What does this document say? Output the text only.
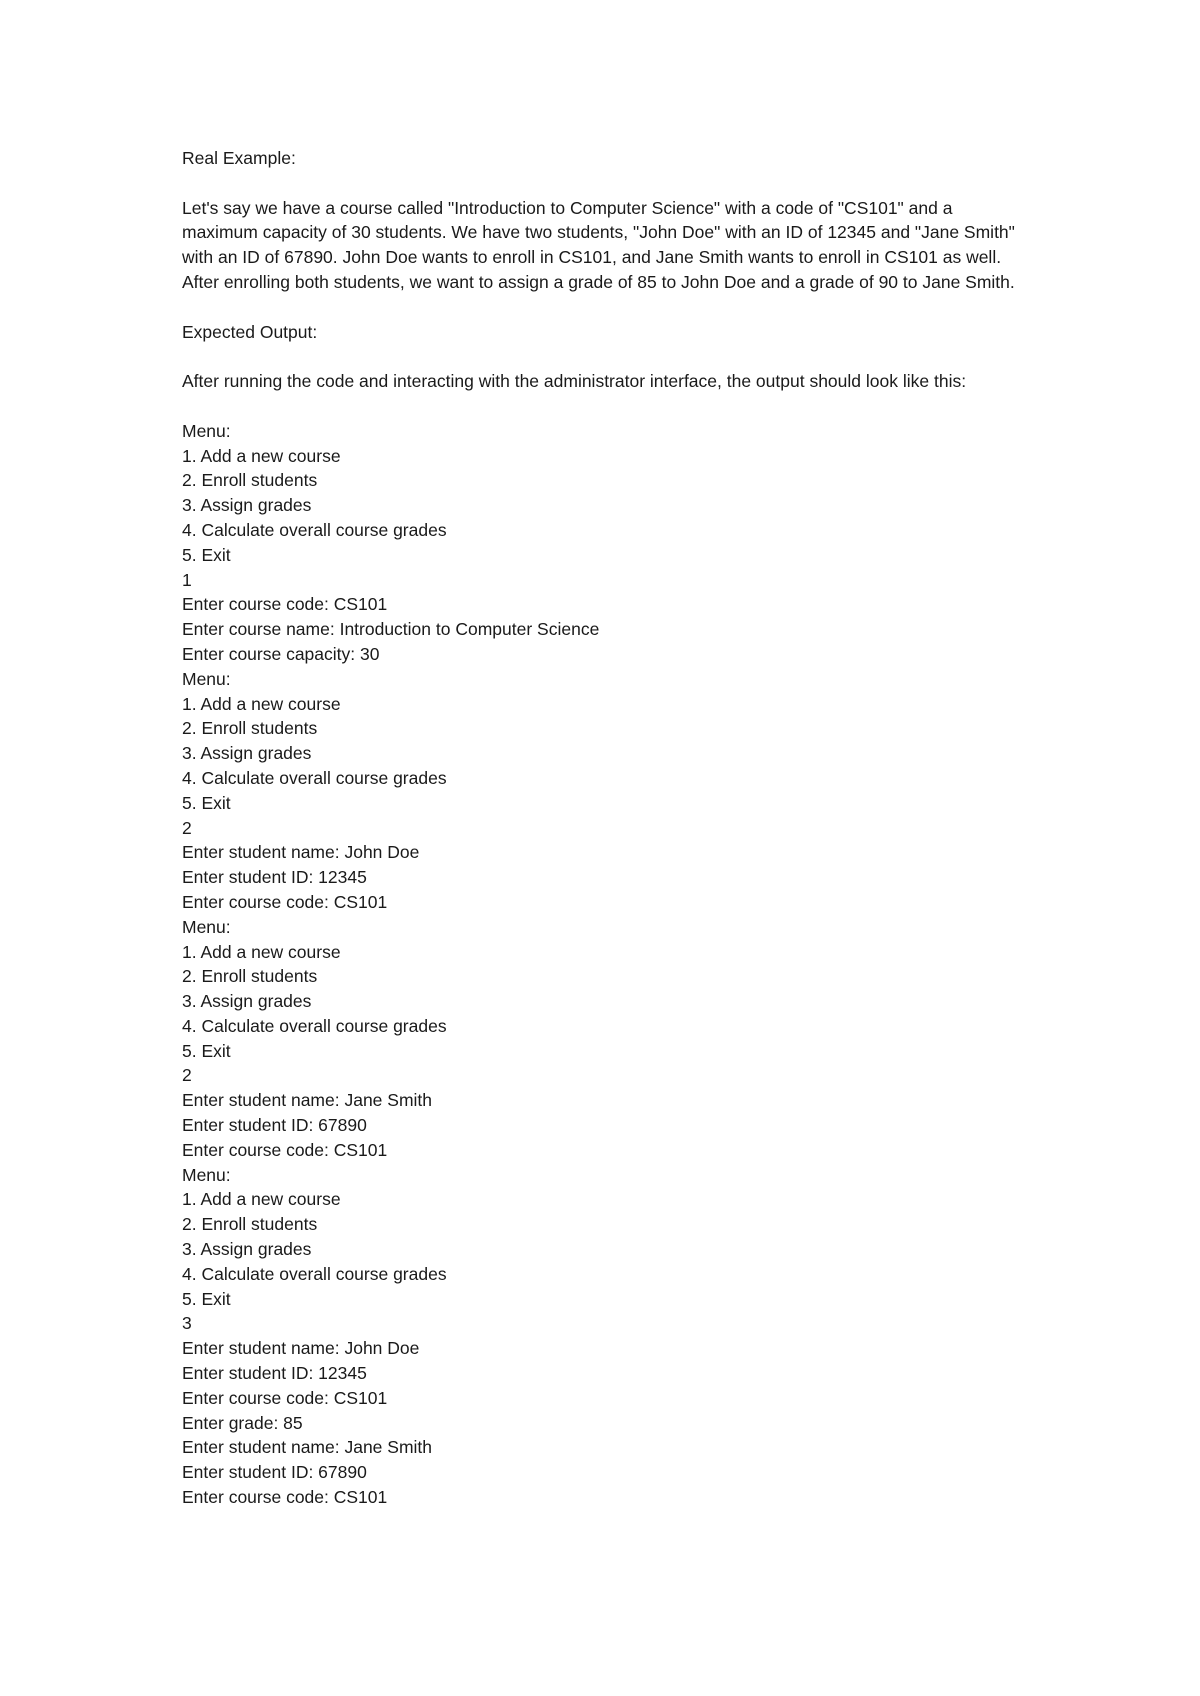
Real Example:

Let's say we have a course called "Introduction to Computer Science" with a code of "CS101" and a maximum capacity of 30 students. We have two students, "John Doe" with an ID of 12345 and "Jane Smith" with an ID of 67890. John Doe wants to enroll in CS101, and Jane Smith wants to enroll in CS101 as well. After enrolling both students, we want to assign a grade of 85 to John Doe and a grade of 90 to Jane Smith.

Expected Output:

After running the code and interacting with the administrator interface, the output should look like this:

Menu:
1. Add a new course
2. Enroll students
3. Assign grades
4. Calculate overall course grades
5. Exit
1
Enter course code: CS101
Enter course name: Introduction to Computer Science
Enter course capacity: 30
Menu:
1. Add a new course
2. Enroll students
3. Assign grades
4. Calculate overall course grades
5. Exit
2
Enter student name: John Doe
Enter student ID: 12345
Enter course code: CS101
Menu:
1. Add a new course
2. Enroll students
3. Assign grades
4. Calculate overall course grades
5. Exit
2
Enter student name: Jane Smith
Enter student ID: 67890
Enter course code: CS101
Menu:
1. Add a new course
2. Enroll students
3. Assign grades
4. Calculate overall course grades
5. Exit
3
Enter student name: John Doe
Enter student ID: 12345
Enter course code: CS101
Enter grade: 85
Enter student name: Jane Smith
Enter student ID: 67890
Enter course code: CS101
